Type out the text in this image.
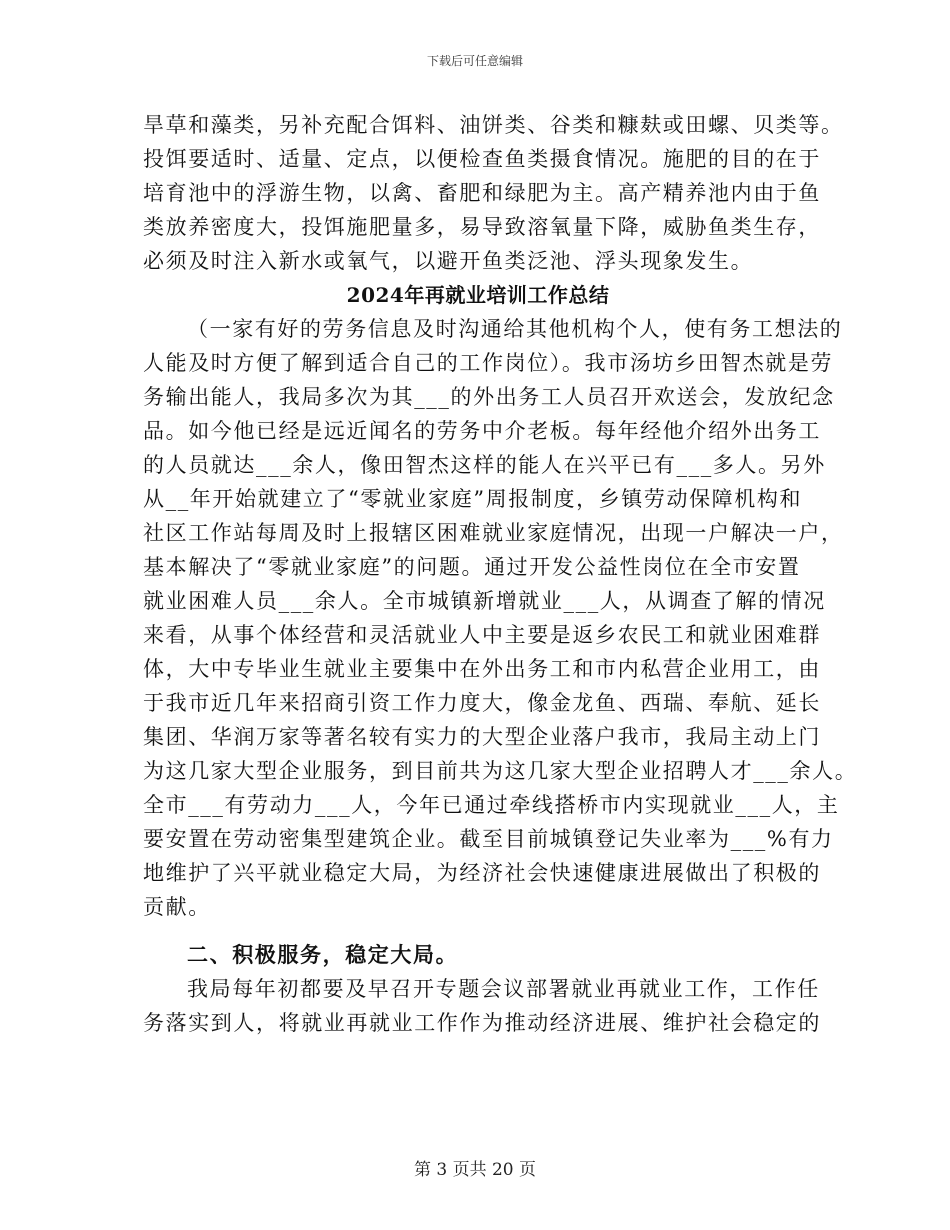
下载后可任意编辑
旱草和藻类，另补充配合饵料、油饼类、谷类和糠麸或田螺、贝类等。
投饵要适时、适量、定点，以便检查鱼类摄食情况。施肥的目的在于
培育池中的浮游生物，以禽、畜肥和绿肥为主。高产精养池内由于鱼
类放养密度大，投饵施肥量多，易导致溶氧量下降，威胁鱼类生存，
必须及时注入新水或氧气，以避开鱼类泛池、浮头现象发生。
2024年再就业培训工作总结
（一家有好的劳务信息及时沟通给其他机构个人，使有务工想法的
人能及时方便了解到适合自己的工作岗位）。我市汤坊乡田智杰就是劳
务输出能人，我局多次为其___的外出务工人员召开欢送会，发放纪念
品。如今他已经是远近闻名的劳务中介老板。每年经他介绍外出务工
的人员就达___余人，像田智杰这样的能人在兴平已有___多人。另外
从__年开始就建立了“零就业家庭”周报制度，乡镇劳动保障机构和
社区工作站每周及时上报辖区困难就业家庭情况，出现一户解决一户，
基本解决了“零就业家庭”的问题。通过开发公益性岗位在全市安置
就业困难人员___余人。全市城镇新增就业___人，从调查了解的情况
来看，从事个体经营和灵活就业人中主要是返乡农民工和就业困难群
体，大中专毕业生就业主要集中在外出务工和市内私营企业用工，由
于我市近几年来招商引资工作力度大，像金龙鱼、西瑞、奉航、延长
集团、华润万家等著名较有实力的大型企业落户我市，我局主动上门
为这几家大型企业服务，到目前共为这几家大型企业招聘人才___余人。
全市___有劳动力___人，今年已通过牵线搭桥市内实现就业___人，主
要安置在劳动密集型建筑企业。截至目前城镇登记失业率为___%有力
地维护了兴平就业稳定大局，为经济社会快速健康进展做出了积极的
贡献。
二、积极服务，稳定大局。
我局每年初都要及早召开专题会议部署就业再就业工作，工作任
务落实到人，将就业再就业工作作为推动经济进展、维护社会稳定的
第 3 页共 20 页
